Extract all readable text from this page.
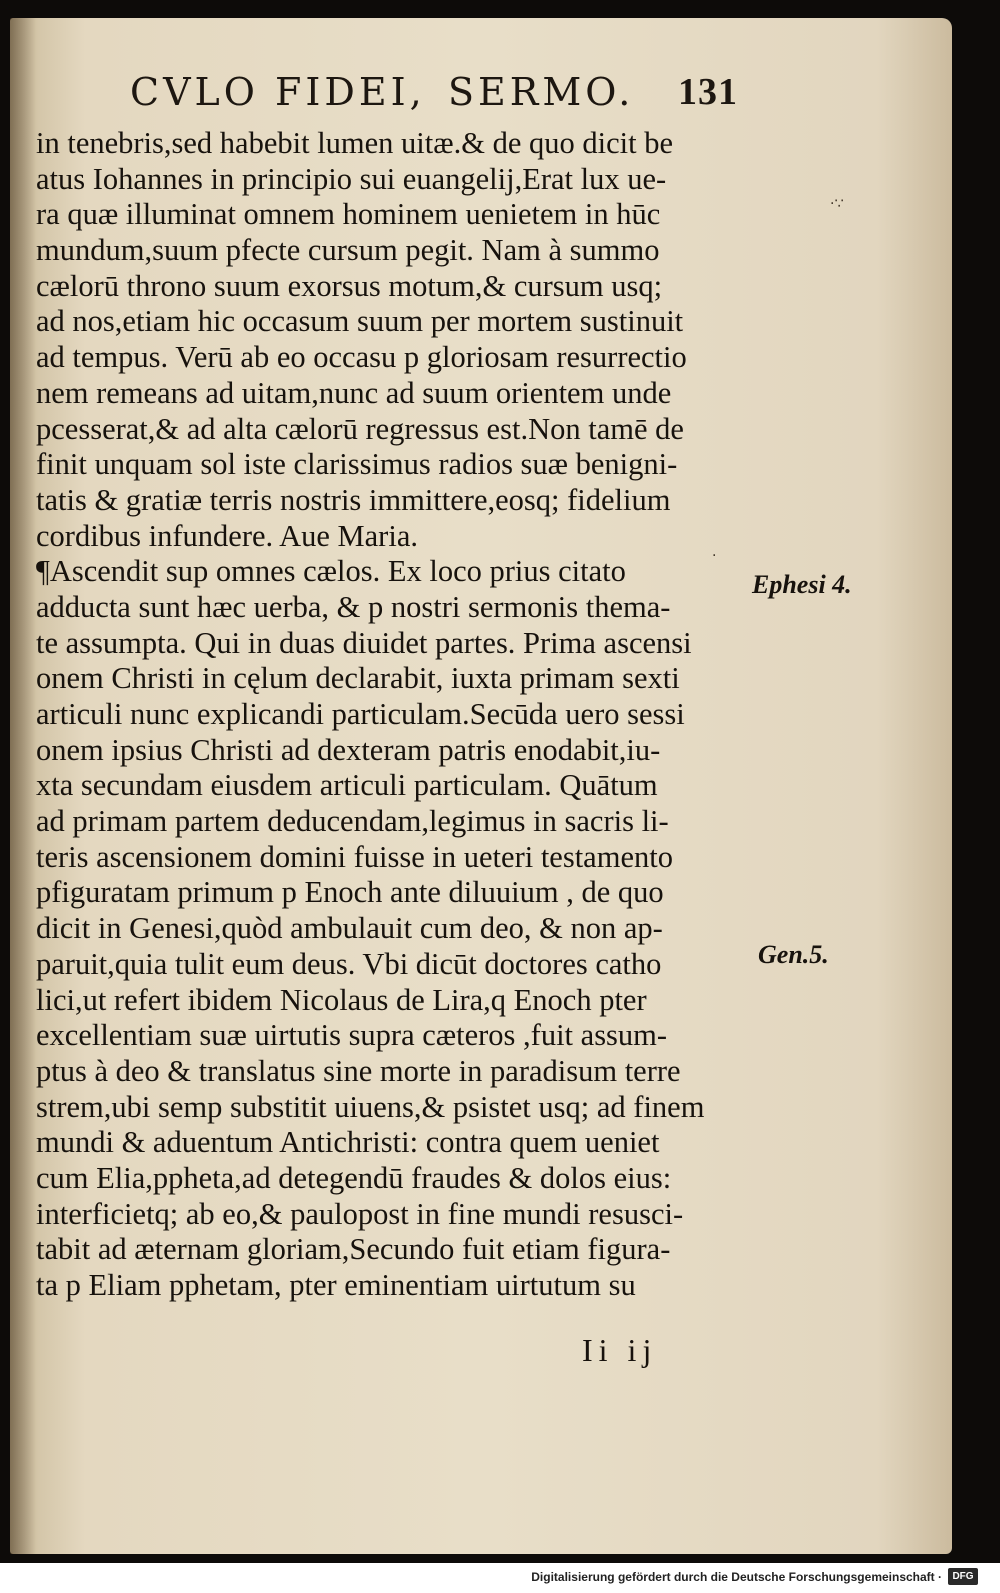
CVLO FIDEI, SERMO. 131
in tenebris,sed habebit lumen uitæ.& de quo dicit be
atus Iohannes in principio sui euangelij,Erat lux ue-
ra quæ illuminat omnem hominem uenietem in hūc
mundum,suum pfecte cursum pegit. Nam à summo
cælorū throno suum exorsus motum,& cursum usq;
ad nos,etiam hic occasum suum per mortem sustinuit
ad tempus. Verū ab eo occasu p gloriosam resurrectio
nem remeans ad uitam,nunc ad suum orientem unde
pcesserat,& ad alta cælorū regressus est.Non tamē de
finit unquam sol iste clarissimus radios suæ benigni-
tatis & gratiæ terris nostris immittere,eosq; fidelium
cordibus infundere. Aue Maria.
¶Ascendit sup omnes cælos. Ex loco prius citato
adducta sunt hæc uerba, & p nostri sermonis thema-
te assumpta. Qui in duas diuidet partes. Prima ascensi
onem Christi in cęlum declarabit, iuxta primam sexti
articuli nunc explicandi particulam.Secūda uero sessi
onem ipsius Christi ad dexteram patris enodabit,iu-
xta secundam eiusdem articuli particulam. Quātum
ad primam partem deducendam,legimus in sacris li-
teris ascensionem domini fuisse in ueteri testamento
pfiguratam primum p Enoch ante diluuium , de quo
dicit in Genesi,quòd ambulauit cum deo, & non ap-
paruit,quia tulit eum deus. Vbi dicūt doctores catho
lici,ut refert ibidem Nicolaus de Lira,q Enoch pter
excellentiam suæ uirtutis supra cæteros ,fuit assum-
ptus à deo & translatus sine morte in paradisum terre
strem,ubi semp substitit uiuens,& psistet usq; ad finem
mundi & aduentum Antichristi: contra quem ueniet
cum Elia,ppheta,ad detegendū fraudes & dolos eius:
interficietq; ab eo,& paulopost in fine mundi resusci-
tabit ad æternam gloriam,Secundo fuit etiam figura-
ta p Eliam pphetam, pter eminentiam uirtutum su
Ephesi 4.
Gen.5.
Ii ij
·∵
·
Digitalisierung gefördert durch die Deutsche Forschungsgemeinschaft ·	DFG
